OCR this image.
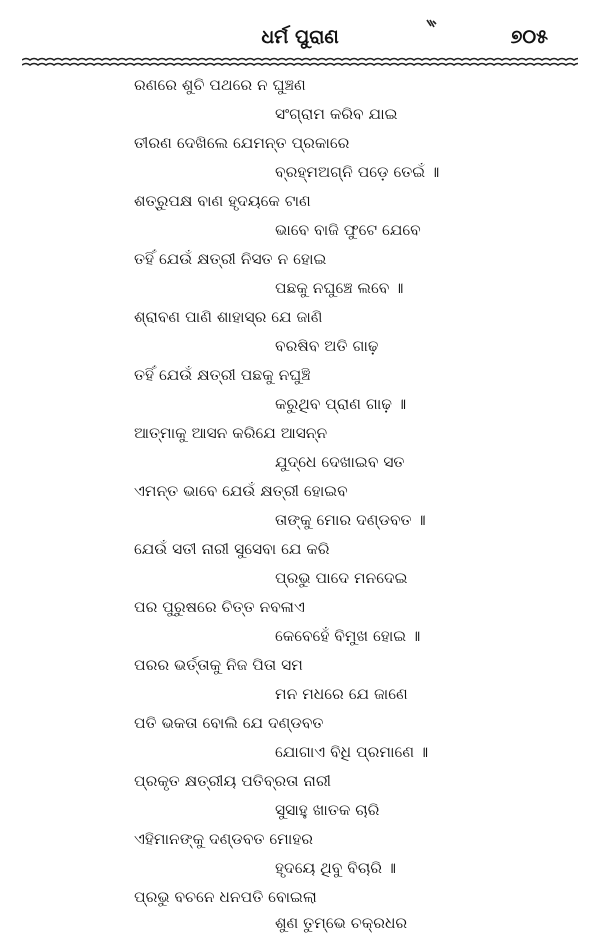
ଧର୍ମ ପୁରାଣ	୭୦୫
ରଣରେ ଶୁଚି ପଥରେ ନ ଘୁଞ୍ଚଣ
ସଂଗ୍ରାମ କରିବ ଯାଇ
ତୀରଣ ଦେଖିଲେ ଯେମନ୍ତ ପ୍ରକାରେ
ବ୍ରହ୍ମଅଗ୍ନି ପଡ଼େ ତେଇଁ ॥
ଶତ୍ରୁପକ୍ଷ ବାଣ ହୃଦୟକେ ଟାଣ
ଭାବେ ବାଜି ଫୁଟେ ଯେବେ
ତହିଁ ଯେଉଁ କ୍ଷତ୍ରୀ ନିସତ ନ ହୋଇ
ପଛକୁ ନଘୁଞ୍ଚେ ଲବେ ॥
ଶ୍ରାବଣ ପାଣି ଶାହାସ୍ର ଯେ ଜାଣି
ବରଷିବ ଅତି ଗାଢ଼
ତହିଁ ଯେଉଁ କ୍ଷତ୍ରୀ ପଛକୁ ନଘୁଞ୍ଚି
କରୁଥିବ ପ୍ରାଣ ଗାଢ଼ ॥
ଆତ୍ମାକୁ ଆସନ କରିଯେ ଆସନ୍ନ
ଯୁଦ୍ଧେ ଦେଖାଇବ ସତ
ଏମନ୍ତ ଭାବେ ଯେଉଁ କ୍ଷତ୍ରୀ ହୋଇବ
ତାଙ୍କୁ ମୋର ଦଣ୍ଡବତ ॥
ଯେଉଁ ସତୀ ନାରୀ ସୁସେବା ଯେ କରି
ପ୍ରଭୁ ପାଦେ ମନଦେଇ
ପର ପୁରୁଷରେ ଚିତ୍ତ ନବଳାଏ
କେବେହେଁ ବିମୁଖ ହୋଇ ॥
ପରର ଭର୍ତ୍ତାକୁ ନିଜ ପିତା ସମ
ମନ ମଧରେ ଯେ ଜାଣେ
ପତି ଭକତା ବୋଲି ଯେ ଦଣ୍ଡବତ
ଯୋଗାଏ ବିଧି ପ୍ରମାଣେ ॥
ପ୍ରକୃତ କ୍ଷତ୍ରୀୟ ପତିବ୍ରତା ନାରୀ
ସୁସାହୁ ଖାତକ ଚାରି
ଏହିମାନଙ୍କୁ ଦଣ୍ଡବତ ମୋହର
ହୃଦୟେ ଥିବୁ ବିଚାରି ॥
ପ୍ରଭୁ ବଚନେ ଧନପତି ବୋଇଲା
ଶୁଣ ତୁମ୍ଭେ ଚକ୍ରଧର
